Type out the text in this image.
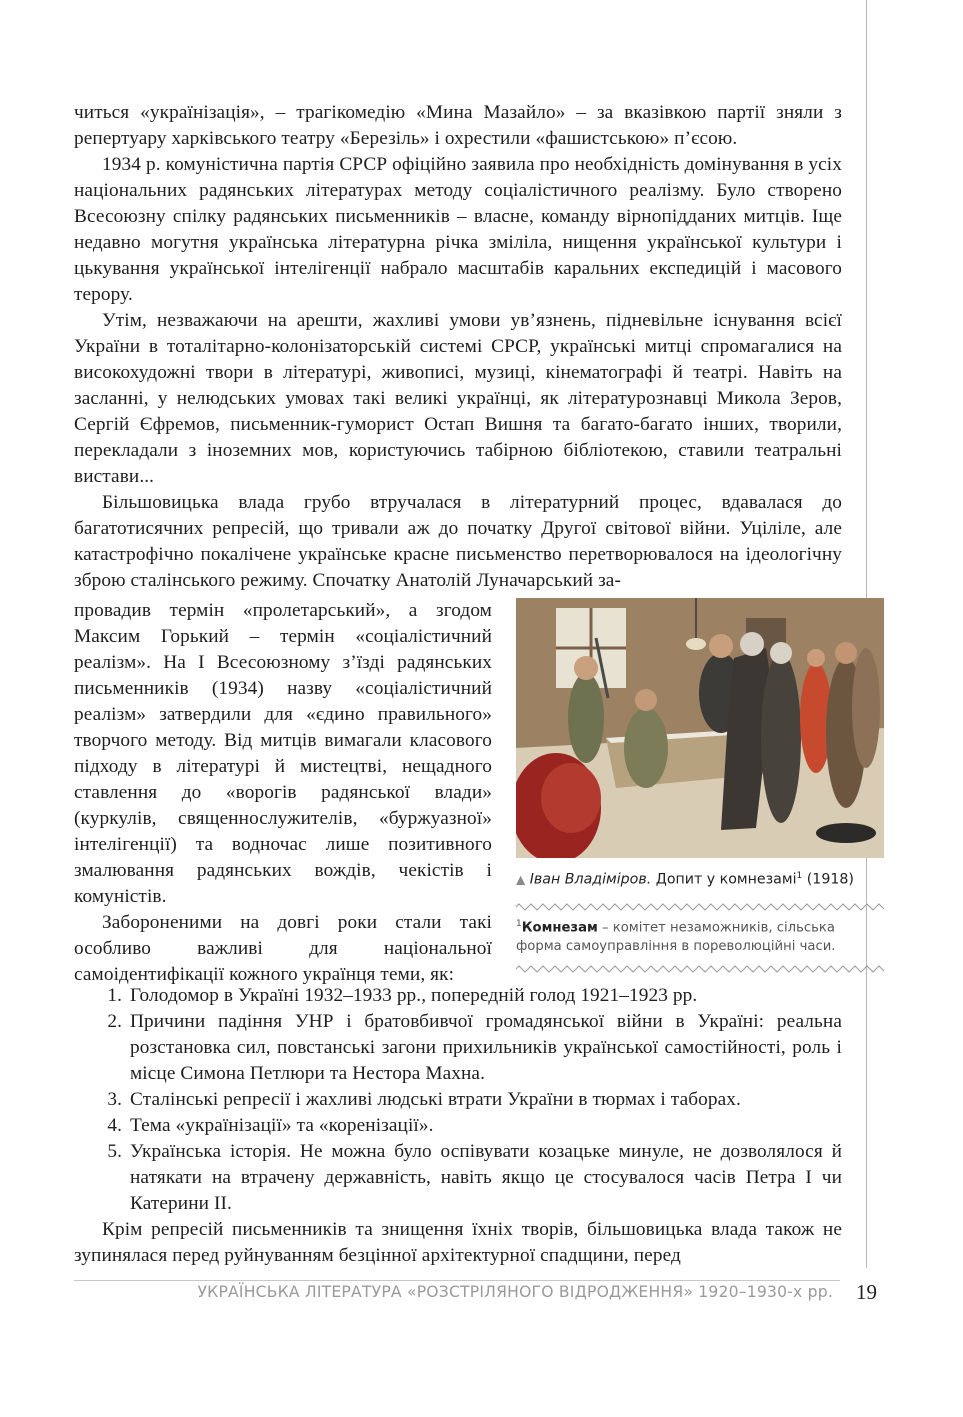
читься «українізація», – трагікомедію «Мина Мазайло» – за вказівкою партії зняли з репертуару харківського театру «Березіль» і охрестили «фашистською» п’єсою.

1934 р. комуністична партія СРСР офіційно заявила про необхідність домінування в усіх національних радянських літературах методу соціалістичного реалізму. Було створено Всесоюзну спілку радянських письменників – власне, команду вірнопідданих митців. Іще недавно могутня українська літературна річка зміліла, нищення української культури і цькування української інтелігенції набрало масштабів каральних експедицій і масового терору.

Утім, незважаючи на арешти, жахливі умови ув’язнень, підневільне існування всієї України в тоталітарно-колонізаторській системі СРСР, українські митці спромагалися на високохудожні твори в літературі, живописі, музиці, кінематографі й театрі. Навіть на засланні, у нелюдських умовах такі великі українці, як літературознавці Микола Зеров, Сергій Єфремов, письменник-гуморист Остап Вишня та багато-багато інших, творили, перекладали з іноземних мов, користуючись табірною бібліотекою, ставили театральні вистави...

Більшовицька влада грубо втручалася в літературний процес, вдавалася до багатотисячних репресій, що тривали аж до початку Другої світової війни. Уцілілe, але катастрофічно покалічене українське красне письменство перетворювалося на ідеологічну зброю сталінського режиму. Спочатку Анатолій Луначарський за-

провадив термін «пролетарський», а згодом Максим Горький – термін «соціалістичний реалізм». На І Всесоюзному з’їзді радянських письменників (1934) назву «соціалістичний реалізм» затвердили для «єдино правильного» творчого методу. Від митців вимагали класового підходу в літературі й мистецтві, нещадного ставлення до «ворогів радянської влади» (куркулів, священнослужителів, «буржуазної» інтелігенції) та водночас лише позитивного змалювання радянських вождів, чекістів і комуністів.

Забороненими на довгі роки стали такі особливо важливі для національної самоідентифікації кожного українця теми, як:

▲ Іван Владіміров. Допит у комнезамі$^1$ (1918)
$^1$Комнезам – комітет незаможників, сільська форма самоуправління в пореволюційні часи.
1. Голодомор в Україні 1932–1933 рр., попередній голод 1921–1923 рр.
2. Причини падіння УНР і братовбивчої громадянської війни в Україні: реальна розстановка сил, повстанські загони прихильників української самостійності, роль і місце Симона Петлюри та Нестора Махна.
3. Сталінські репресії і жахливі людські втрати України в тюрмах і таборах.
4. Тема «українізації» та «коренізації».
5. Українська історія. Не можна було оспівувати козацьке минуле, не дозволялося й натякати на втрачену державність, навіть якщо це стосувалося часів Петра I чи Катерини II.

Крім репресій письменників та знищення їхніх творів, більшовицька влада також не зупинялася перед руйнуванням безцінної архітектурної спадщини, перед

УКРАЇНСЬКА ЛІТЕРАТУРА «РОЗСТРІЛЯНОГО ВІДРОДЖЕННЯ» 1920–1930-х рр. 19
